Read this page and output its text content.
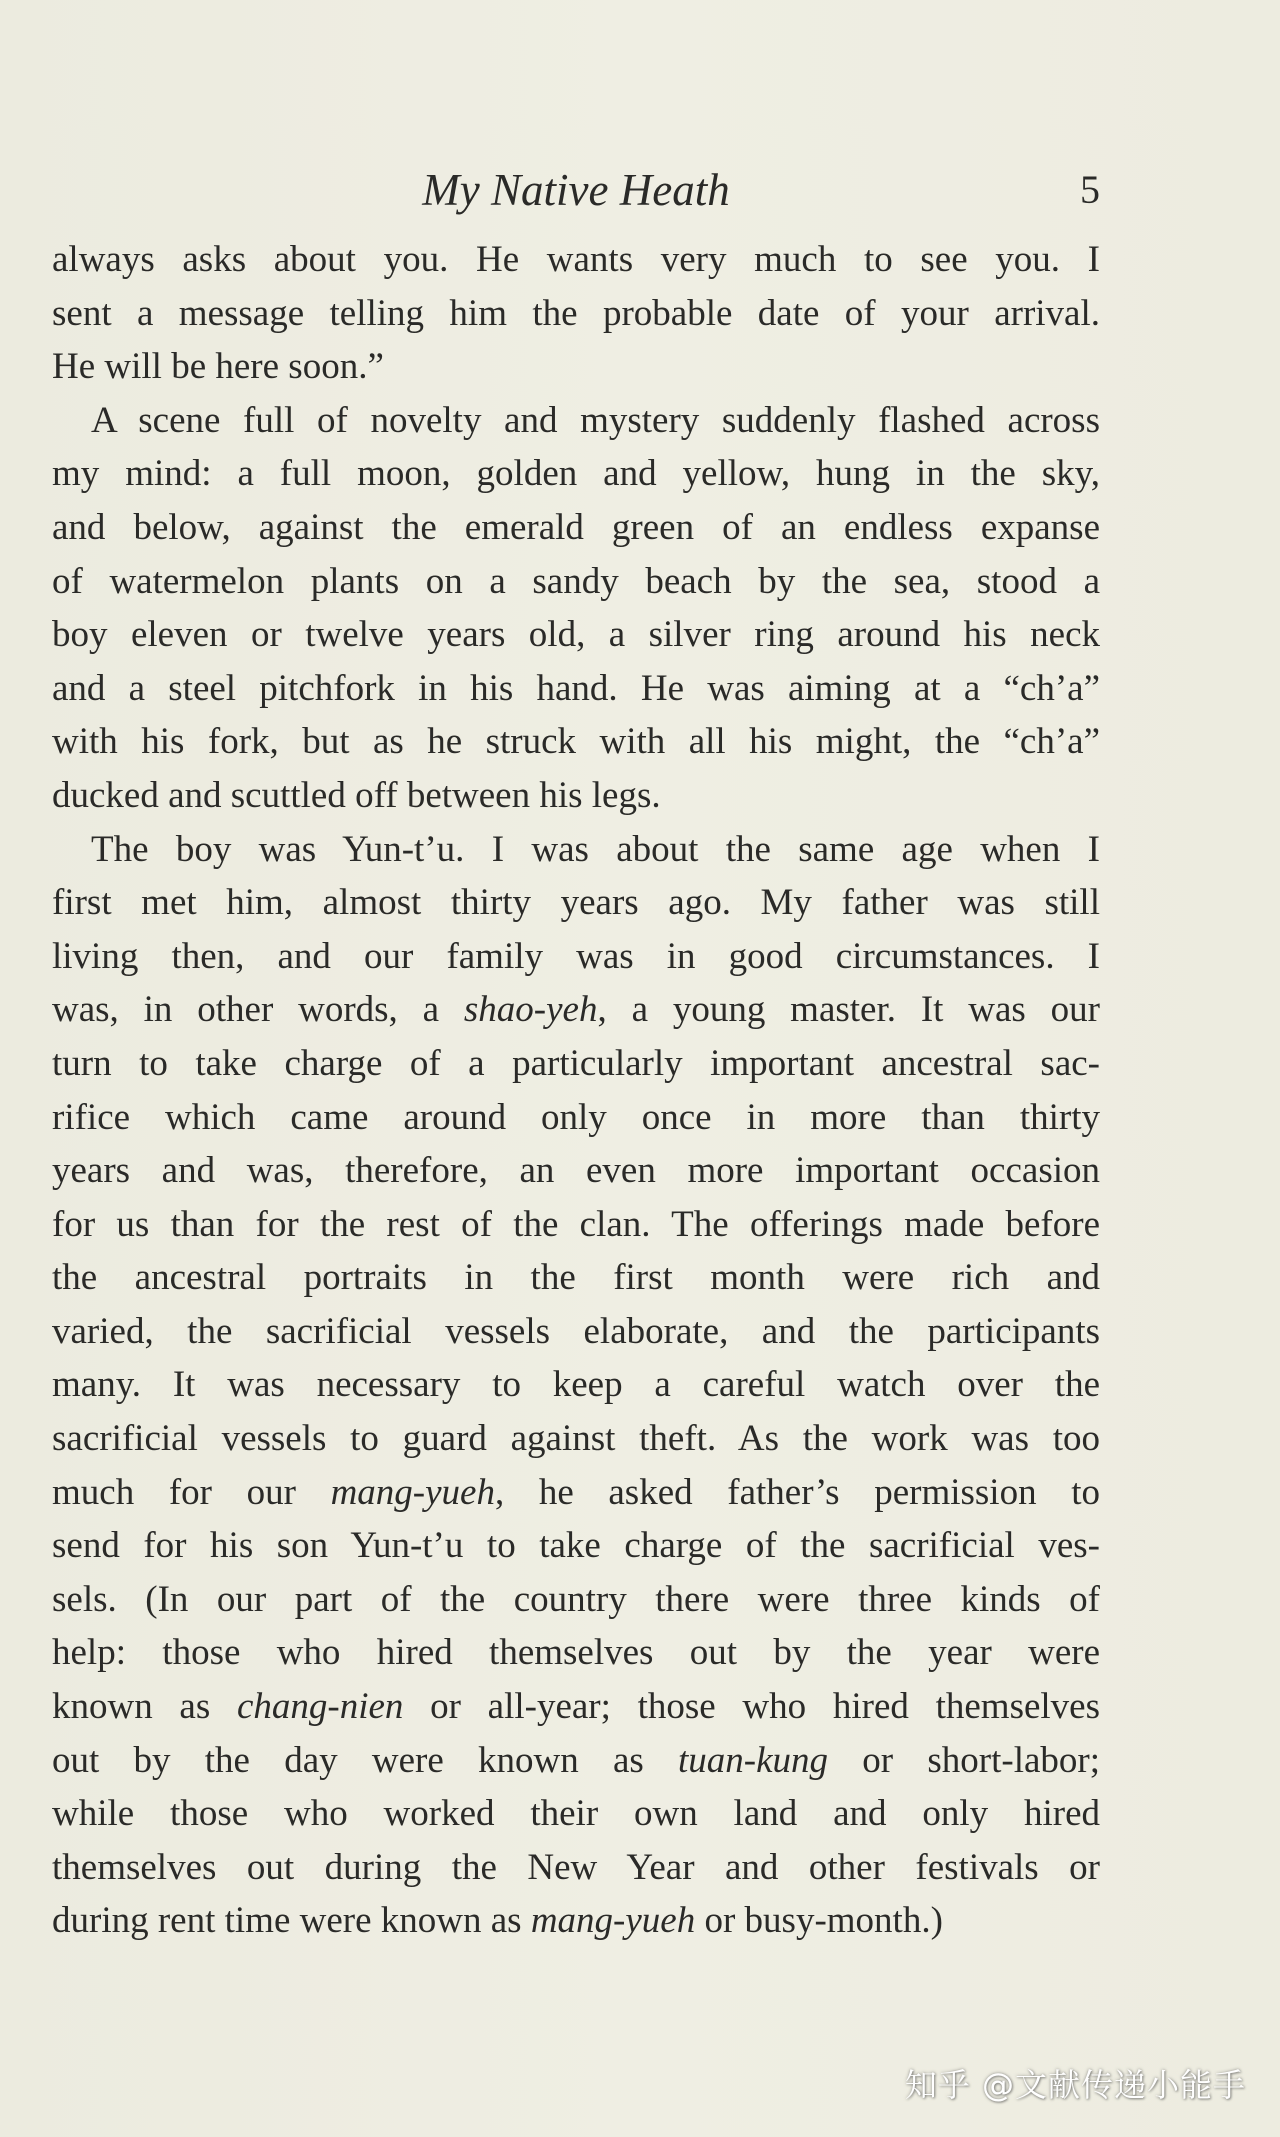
My Native Heath	5
always asks about you. He wants very much to see you. I
sent a message telling him the probable date of your arrival.
He will be here soon.”
A scene full of novelty and mystery suddenly flashed across
my mind: a full moon, golden and yellow, hung in the sky,
and below, against the emerald green of an endless expanse
of watermelon plants on a sandy beach by the sea, stood a
boy eleven or twelve years old, a silver ring around his neck
and a steel pitchfork in his hand. He was aiming at a “ch’a”
with his fork, but as he struck with all his might, the “ch’a”
ducked and scuttled off between his legs.
The boy was Yun-t’u. I was about the same age when I
first met him, almost thirty years ago. My father was still
living then, and our family was in good circumstances. I
was, in other words, a shao-yeh, a young master. It was our
turn to take charge of a particularly important ancestral sac-
rifice which came around only once in more than thirty
years and was, therefore, an even more important occasion
for us than for the rest of the clan. The offerings made before
the ancestral portraits in the first month were rich and
varied, the sacrificial vessels elaborate, and the participants
many. It was necessary to keep a careful watch over the
sacrificial vessels to guard against theft. As the work was too
much for our mang-yueh, he asked father’s permission to
send for his son Yun-t’u to take charge of the sacrificial ves-
sels. (In our part of the country there were three kinds of
help: those who hired themselves out by the year were
known as chang-nien or all-year; those who hired themselves
out by the day were known as tuan-kung or short-labor;
while those who worked their own land and only hired
themselves out during the New Year and other festivals or
during rent time were known as mang-yueh or busy-month.)
知乎 @文献传递小能手
